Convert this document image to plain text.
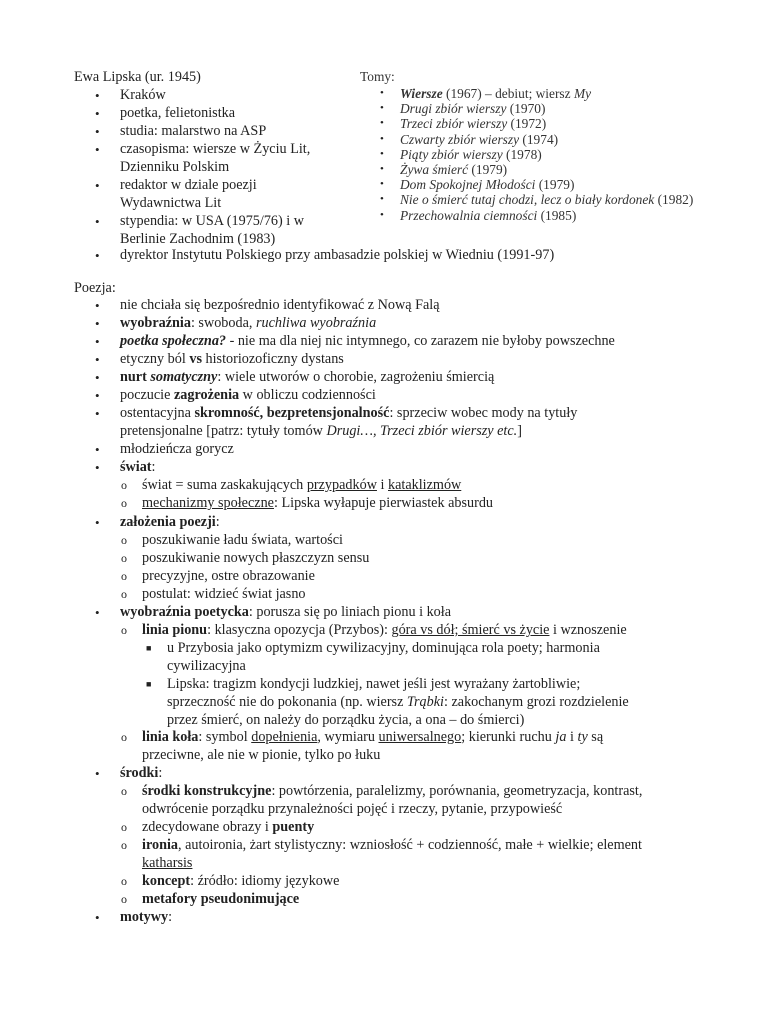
Ewa Lipska (ur. 1945)
• Kraków
• poetka, felietonistka
• studia: malarstwo na ASP
• czasopisma: wiersze w Życiu Lit,
Dzienniku Polskim
• redaktor w dziale poezji
Wydawnictwa Lit
• stypendia: w USA (1975/76) i w
Berlinie Zachodnim (1983)
• dyrektor Instytutu Polskiego przy ambasadzie polskiej w Wiedniu (1991-97)
Tomy:
• Wiersze (1967) – debiut; wiersz My
• Drugi zbiór wierszy (1970)
• Trzeci zbiór wierszy (1972)
• Czwarty zbiór wierszy (1974)
• Piąty zbiór wierszy (1978)
• Żywa śmierć (1979)
• Dom Spokojnej Młodości (1979)
• Nie o śmierć tutaj chodzi, lecz o biały kordonek (1982)
• Przechowalnia ciemności (1985)
Poezja:
•
•
•
•
•
•
•
•
•
•
•
•
•
nie chciała się bezpośrednio identyfikować z Nową Falą
wyobraźnia: swoboda, ruchliwa wyobraźnia
poetka społeczna? - nie ma dla niej nic intymnego, co zarazem nie byłoby powszechne
etyczny ból vs historiozoficzny dystans
nurt somatyczny: wiele utworów o chorobie, zagrożeniu śmiercią
poczucie zagrożenia w obliczu codzienności
ostentacyjna skromność, bezpretensjonalność: sprzeciw wobec mody na tytuły
pretensjonalne [patrz: tytuły tomów Drugi…, Trzeci zbiór wierszy etc.]
młodzieńcza gorycz
świat:
świat = suma zaskakujących przypadków i kataklizmów
mechanizmy społeczne: Lipska wyłapuje pierwiastek absurdu
założenia poezji:
poszukiwanie ładu świata, wartości
poszukiwanie nowych płaszczyzn sensu
precyzyjne, ostre obrazowanie
postulat: widzieć świat jasno
wyobraźnia poetycka: porusza się po liniach pionu i koła
linia pionu: klasyczna opozycja (Przybos): góra vs dół; śmierć vs życie i wznoszenie
u Przybosia jako optymizm cywilizacyjny, dominująca rola poety; harmonia
cywilizacyjna
Lipska: tragizm kondycji ludzkiej, nawet jeśli jest wyrażany żartobliwie;
sprzeczność nie do pokonania (np. wiersz Trąbki: zakochanym grozi rozdzielenie
przez śmierć, on należy do porządku życia, a ona – do śmierci)
linia koła: symbol dopełnienia, wymiaru uniwersalnego; kierunki ruchu ja i ty są
przeciwne, ale nie w pionie, tylko po łuku
środki:
środki konstrukcyjne: powtórzenia, paralelizmy, porównania, geometryzacja, kontrast,
odwrócenie porządku przynależności pojęć i rzeczy, pytanie, przypowieść
zdecydowane obrazy i puenty
ironia, autoironia, żart stylistyczny: wzniosłość + codzienność, małe + wielkie; element
katharsis
koncept: źródło: idiomy językowe
metafory pseudonimujące
motywy:
o
o
o
o
o
o
o
o
o
o
o
o
o
■
■
